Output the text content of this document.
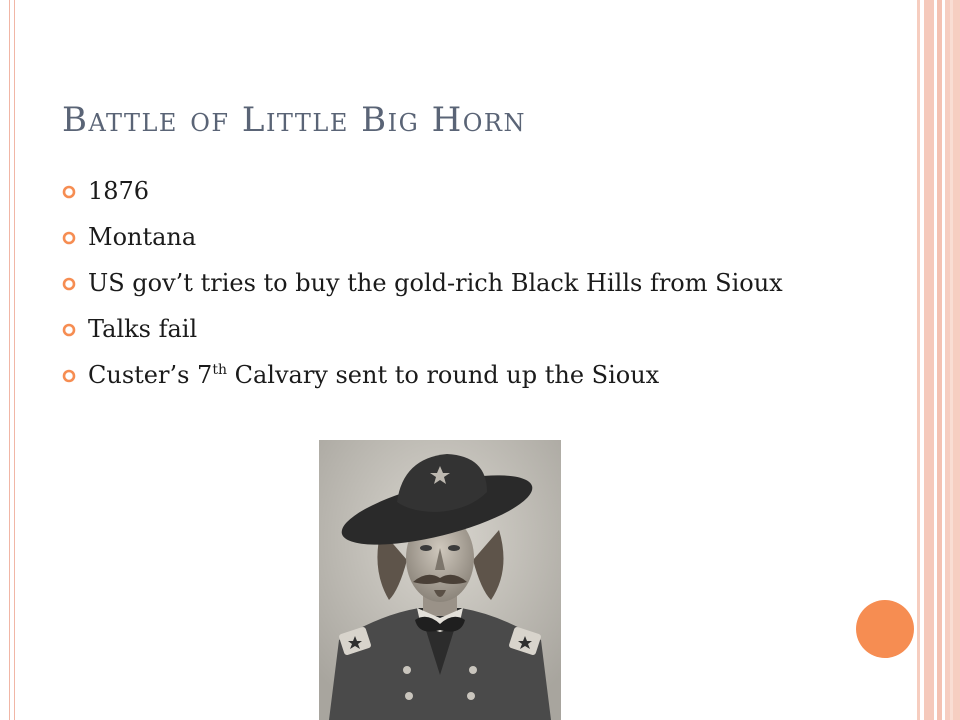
Battle of Little Big Horn
1876
Montana
US gov’t tries to buy the gold-rich Black Hills from Sioux
Talks fail
Custer’s 7th Calvary sent to round up the Sioux
